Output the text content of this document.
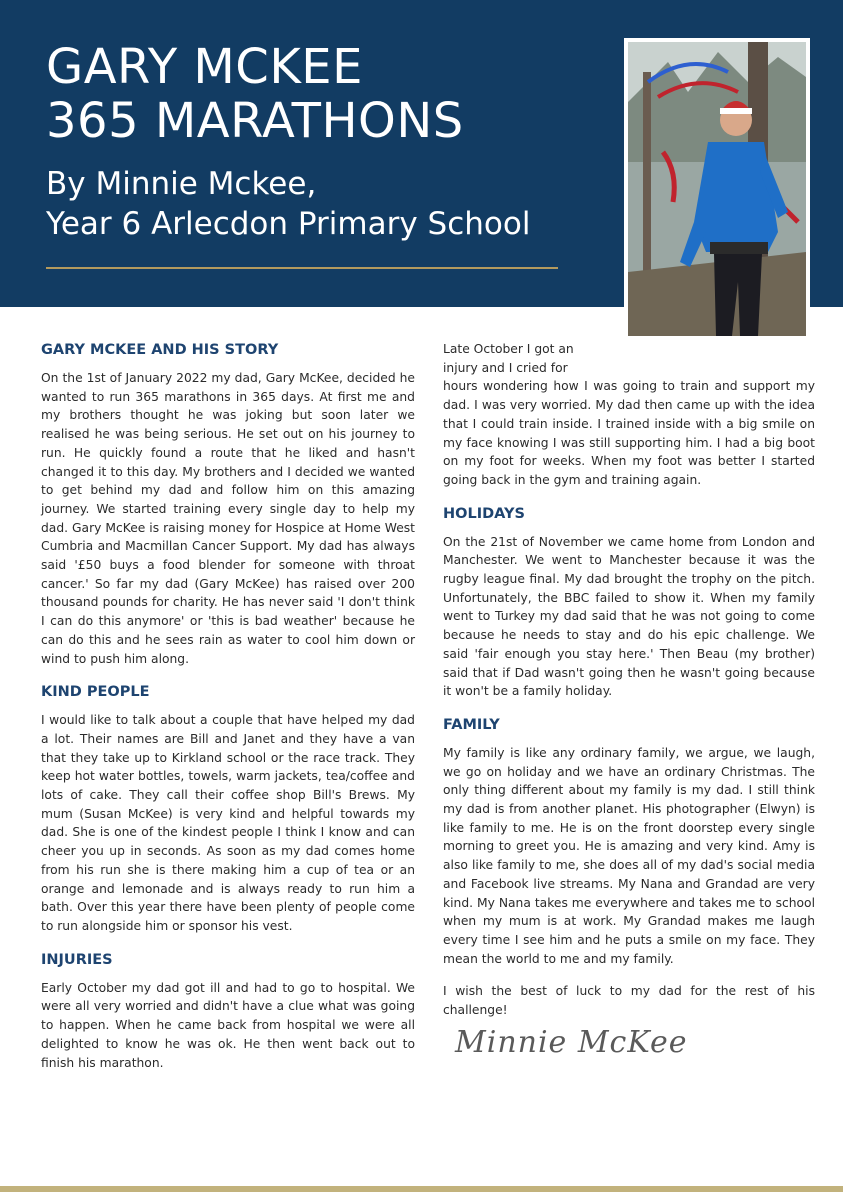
GARY MCKEE
365 MARATHONS
By Minnie Mckee,
Year 6 Arlecdon Primary School
GARY MCKEE AND HIS STORY

On the 1st of January 2022 my dad, Gary McKee, decided he wanted to run 365 marathons in 365 days. At first me and my brothers thought he was joking but soon later we realised he was being serious. He set out on his journey to run. He quickly found a route that he liked and hasn't changed it to this day. My brothers and I decided we wanted to get behind my dad and follow him on this amazing journey. We started training every single day to help my dad. Gary McKee is raising money for Hospice at Home West Cumbria and Macmillan Cancer Support. My dad has always said '£50 buys a food blender for someone with throat cancer.' So far my dad (Gary McKee) has raised over 200 thousand pounds for charity. He has never said 'I don't think I can do this anymore' or 'this is bad weather' because he can do this and he sees rain as water to cool him down or wind to push him along.

KIND PEOPLE

I would like to talk about a couple that have helped my dad a lot. Their names are Bill and Janet and they have a van that they take up to Kirkland school or the race track. They keep hot water bottles, towels, warm jackets, tea/coffee and lots of cake. They call their coffee shop Bill's Brews. My mum (Susan McKee) is very kind and helpful towards my dad. She is one of the kindest people I think I know and can cheer you up in seconds. As soon as my dad comes home from his run she is there making him a cup of tea or an orange and lemonade and is always ready to run him a bath. Over this year there have been plenty of people come to run alongside him or sponsor his vest.

INJURIES

Early October my dad got ill and had to go to hospital. We were all very worried and didn't have a clue what was going to happen. When he came back from hospital we were all delighted to know he was ok. He then went back out to finish his marathon.

Late October I got an
injury and I cried for

hours wondering how I was going to train and support my dad. I was very worried. My dad then came up with the idea that I could train inside. I trained inside with a big smile on my face knowing I was still supporting him. I had a big boot on my foot for weeks. When my foot was better I started going back in the gym and training again.

HOLIDAYS

On the 21st of November we came home from London and Manchester. We went to Manchester because it was the rugby league final. My dad brought the trophy on the pitch. Unfortunately, the BBC failed to show it. When my family went to Turkey my dad said that he was not going to come because he needs to stay and do his epic challenge. We said 'fair enough you stay here.' Then Beau (my brother) said that if Dad wasn't going then he wasn't going because it won't be a family holiday.

FAMILY

My family is like any ordinary family, we argue, we laugh, we go on holiday and we have an ordinary Christmas. The only thing different about my family is my dad. I still think my dad is from another planet. His photographer (Elwyn) is like family to me. He is on the front doorstep every single morning to greet you. He is amazing and very kind. Amy is also like family to me, she does all of my dad's social media and Facebook live streams. My Nana and Grandad are very kind. My Nana takes me everywhere and takes me to school when my mum is at work. My Grandad makes me laugh every time I see him and he puts a smile on my face. They mean the world to me and my family.

I wish the best of luck to my dad for the rest of his challenge!

Minnie McKee
